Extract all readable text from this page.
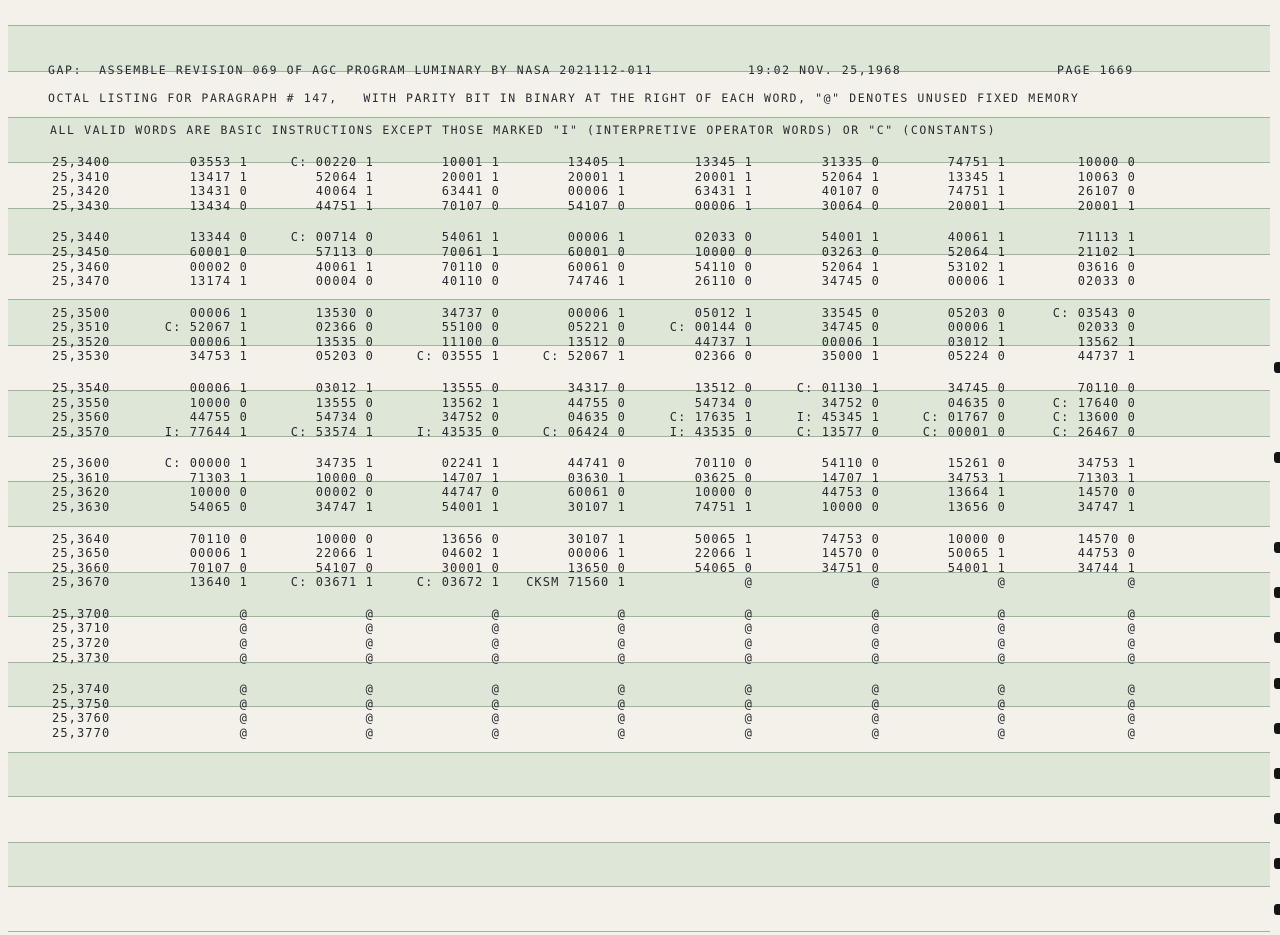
GAP:  ASSEMBLE REVISION 069 OF AGC PROGRAM LUMINARY BY NASA 2021112-011	19:02 NOV. 25,1968	PAGE 1669
OCTAL LISTING FOR PARAGRAPH # 147,   WITH PARITY BIT IN BINARY AT THE RIGHT OF EACH WORD, "@" DENOTES UNUSED FIXED MEMORY
ALL VALID WORDS ARE BASIC INSTRUCTIONS EXCEPT THOSE MARKED "I" (INTERPRETIVE OPERATOR WORDS) OR "C" (CONSTANTS)
25,3400	03553 1	C: 00220 1	10001 1	13405 1	13345 1	31335 0	74751 1	10000 0
25,3410	13417 1	52064 1	20001 1	20001 1	20001 1	52064 1	13345 1	10063 0
25,3420	13431 0	40064 1	63441 0	00006 1	63431 1	40107 0	74751 1	26107 0
25,3430	13434 0	44751 1	70107 0	54107 0	00006 1	30064 0	20001 1	20001 1
25,3440	13344 0	C: 00714 0	54061 1	00006 1	02033 0	54001 1	40061 1	71113 1
25,3450	60001 0	57113 0	70061 1	60001 0	10000 0	03263 0	52064 1	21102 1
25,3460	00002 0	40061 1	70110 0	60061 0	54110 0	52064 1	53102 1	03616 0
25,3470	13174 1	00004 0	40110 0	74746 1	26110 0	34745 0	00006 1	02033 0
25,3500	00006 1	13530 0	34737 0	00006 1	05012 1	33545 0	05203 0	C: 03543 0
25,3510	C: 52067 1	02366 0	55100 0	05221 0	C: 00144 0	34745 0	00006 1	02033 0
25,3520	00006 1	13535 0	11100 0	13512 0	44737 1	00006 1	03012 1	13562 1
25,3530	34753 1	05203 0	C: 03555 1	C: 52067 1	02366 0	35000 1	05224 0	44737 1
25,3540	00006 1	03012 1	13555 0	34317 0	13512 0	C: 01130 1	34745 0	70110 0
25,3550	10000 0	13555 0	13562 1	44755 0	54734 0	34752 0	04635 0	C: 17640 0
25,3560	44755 0	54734 0	34752 0	04635 0	C: 17635 1	I: 45345 1	C: 01767 0	C: 13600 0
25,3570	I: 77644 1	C: 53574 1	I: 43535 0	C: 06424 0	I: 43535 0	C: 13577 0	C: 00001 0	C: 26467 0
25,3600	C: 00000 1	34735 1	02241 1	44741 0	70110 0	54110 0	15261 0	34753 1
25,3610	71303 1	10000 0	14707 1	03630 1	03625 0	14707 1	34753 1	71303 1
25,3620	10000 0	00002 0	44747 0	60061 0	10000 0	44753 0	13664 1	14570 0
25,3630	54065 0	34747 1	54001 1	30107 1	74751 1	10000 0	13656 0	34747 1
25,3640	70110 0	10000 0	13656 0	30107 1	50065 1	74753 0	10000 0	14570 0
25,3650	00006 1	22066 1	04602 1	00006 1	22066 1	14570 0	50065 1	44753 0
25,3660	70107 0	54107 0	30001 0	13650 0	54065 0	34751 0	54001 1	34744 1
25,3670	13640 1	C: 03671 1	C: 03672 1	CKSM 71560 1	@	@	@	@
25,3700	@	@	@	@	@	@	@	@
25,3710	@	@	@	@	@	@	@	@
25,3720	@	@	@	@	@	@	@	@
25,3730	@	@	@	@	@	@	@	@
25,3740	@	@	@	@	@	@	@	@
25,3750	@	@	@	@	@	@	@	@
25,3760	@	@	@	@	@	@	@	@
25,3770	@	@	@	@	@	@	@	@
